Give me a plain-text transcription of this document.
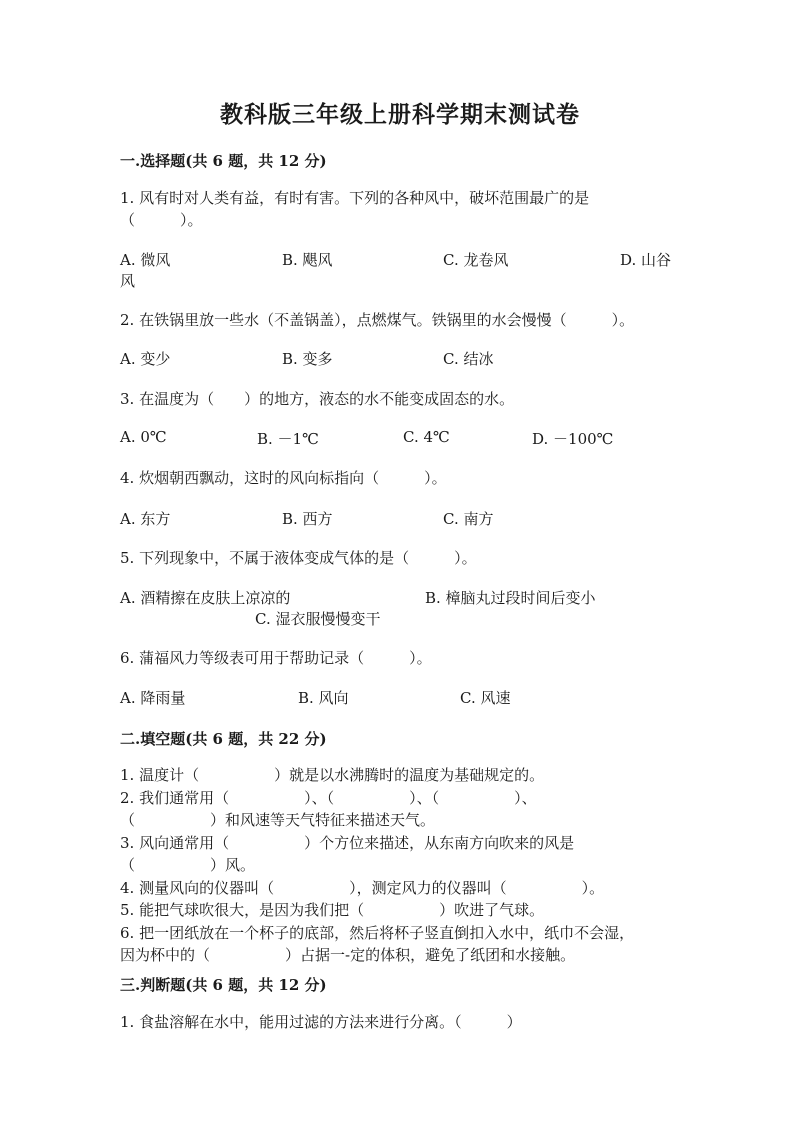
教科版三年级上册科学期末测试卷
一.选择题(共 6 题，共 12 分)
1. 风有时对人类有益，有时有害。下列的各种风中，破坏范围最广的是
（　　　）。
A. 微风	B. 飓风	C. 龙卷风	D. 山谷
风
2. 在铁锅里放一些水（不盖锅盖），点燃煤气。铁锅里的水会慢慢（　　　）。
A. 变少	B. 变多	C. 结冰
3. 在温度为（　　）的地方，液态的水不能变成固态的水。
A. 0℃	B. －1℃	C. 4℃	D. －100℃
4. 炊烟朝西飘动，这时的风向标指向（　　　）。
A. 东方	B. 西方	C. 南方
5. 下列现象中，不属于液体变成气体的是（　　　）。
A. 酒精擦在皮肤上凉凉的	B. 樟脑丸过段时间后变小
C. 湿衣服慢慢变干
6. 蒲福风力等级表可用于帮助记录（　　　）。
A. 降雨量	B. 风向	C. 风速
二.填空题(共 6 题，共 22 分)
1. 温度计（　　　　　）就是以水沸腾时的温度为基础规定的。
2. 我们通常用（　　　　　）、（　　　　　）、（　　　　　）、
（　　　　　）和风速等天气特征来描述天气。
3. 风向通常用（　　　　　）个方位来描述，从东南方向吹来的风是
（　　　　　）风。
4. 测量风向的仪器叫（　　　　　），测定风力的仪器叫（　　　　　）。
5. 能把气球吹很大，是因为我们把（　　　　　）吹进了气球。
6. 把一团纸放在一个杯子的底部，然后将杯子竖直倒扣入水中，纸巾不会湿，
因为杯中的（　　　　　）占据一-定的体积，避免了纸团和水接触。
三.判断题(共 6 题，共 12 分)
1. 食盐溶解在水中，能用过滤的方法来进行分离。（　　　）
